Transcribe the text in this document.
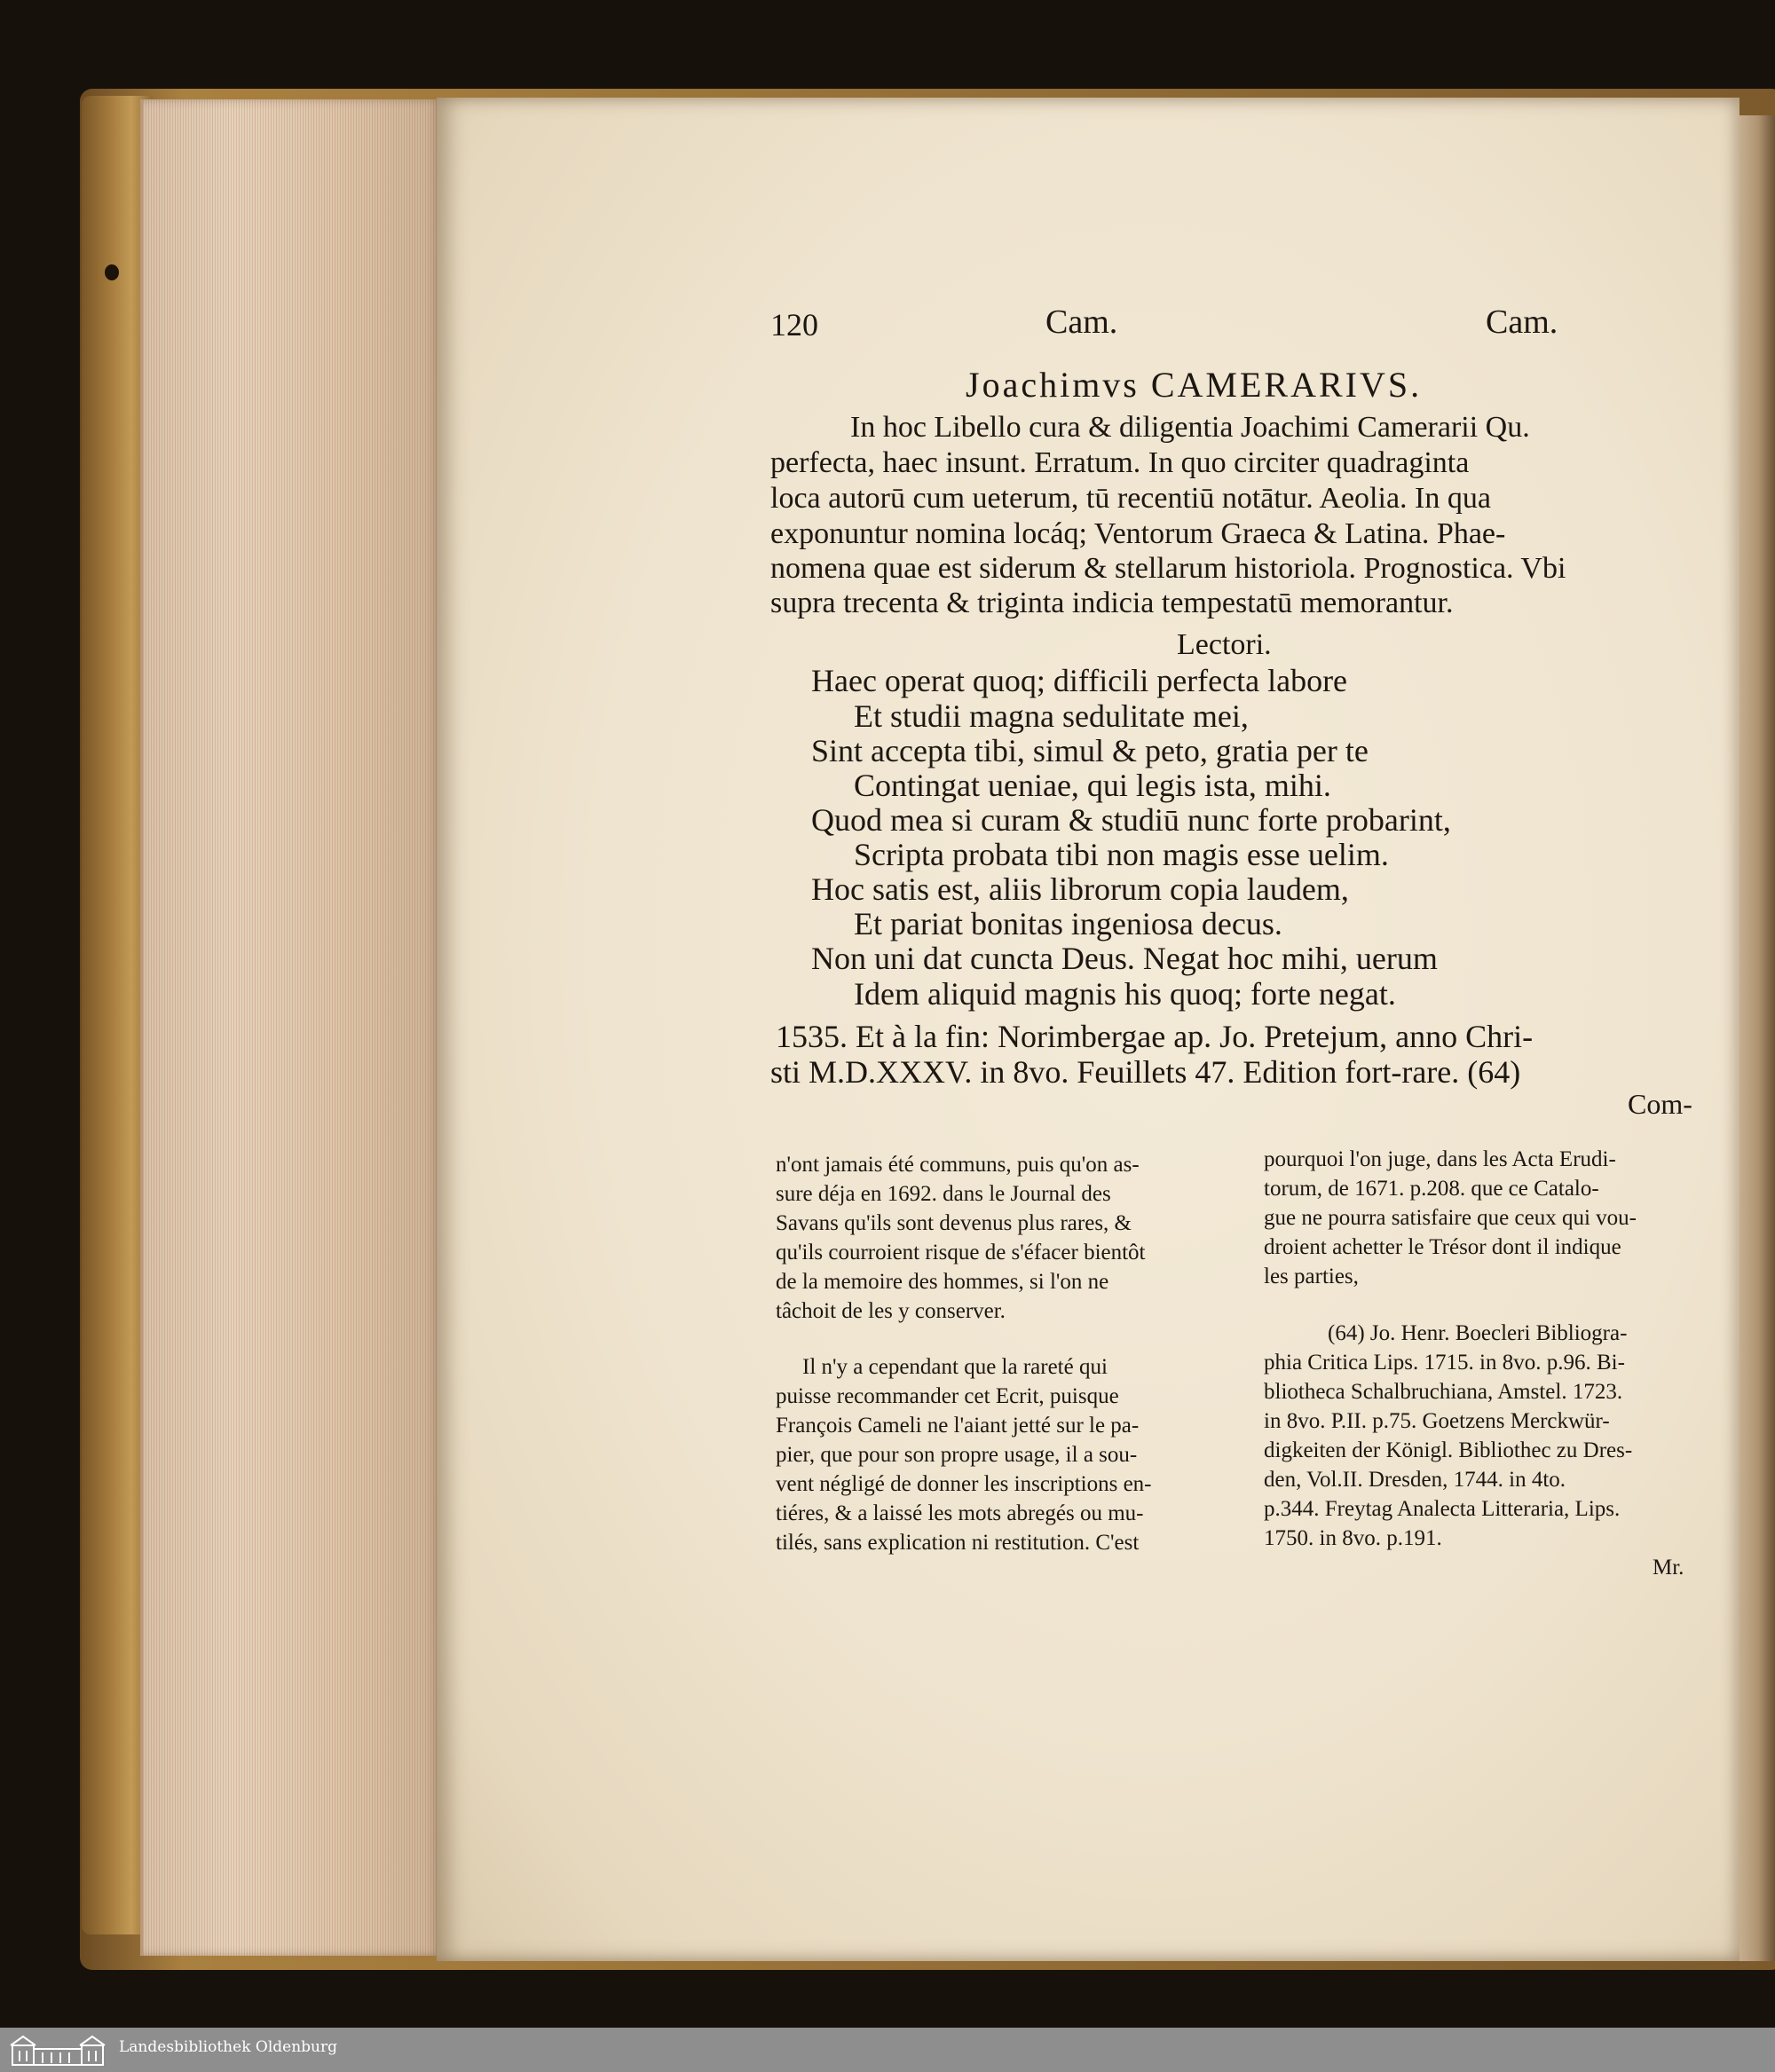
120	Cam.	Cam.
Joachimvs CAMERARIVS.
In hoc Libello cura & diligentia Joachimi Camerarii Qu.
perfecta, haec insunt. Erratum. In quo circiter quadraginta
loca autorū cum ueterum, tū recentiū notātur. Aeolia. In qua
exponuntur nomina locáq; Ventorum Graeca & Latina. Phae-
nomena quae est siderum & stellarum historiola. Prognostica. Vbi
supra trecenta & triginta indicia tempestatū memorantur.
Lectori.
Haec operat quoq; difficili perfecta labore
Et studii magna sedulitate mei,
Sint accepta tibi, simul & peto, gratia per te
Contingat ueniae, qui legis ista, mihi.
Quod mea si curam & studiū nunc forte probarint,
Scripta probata tibi non magis esse uelim.
Hoc satis est, aliis librorum copia laudem,
Et pariat bonitas ingeniosa decus.
Non uni dat cuncta Deus. Negat hoc mihi, uerum
Idem aliquid magnis his quoq; forte negat.
1535. Et à la fin: Norimbergae ap. Jo. Pretejum, anno Chri-
sti M.D.XXXV. in 8vo. Feuillets 47. Edition fort-rare. (64)
Com-
n'ont jamais été communs, puis qu'on as-
sure déja en 1692. dans le Journal des
Savans qu'ils sont devenus plus rares, &
qu'ils courroient risque de s'éfacer bientôt
de la memoire des hommes, si l'on ne
tâchoit de les y conserver.
Il n'y a cependant que la rareté qui
puisse recommander cet Ecrit, puisque
François Cameli ne l'aiant jetté sur le pa-
pier, que pour son propre usage, il a sou-
vent négligé de donner les inscriptions en-
tiéres, & a laissé les mots abregés ou mu-
tilés, sans explication ni restitution. C'est
pourquoi l'on juge, dans les Acta Erudi-
torum, de 1671. p.208. que ce Catalo-
gue ne pourra satisfaire que ceux qui vou-
droient achetter le Trésor dont il indique
les parties,
(64) Jo. Henr. Boecleri Bibliogra-
phia Critica Lips. 1715. in 8vo. p.96. Bi-
bliotheca Schalbruchiana, Amstel. 1723.
in 8vo. P.II. p.75. Goetzens Merckwür-
digkeiten der Königl. Bibliothec zu Dres-
den, Vol.II. Dresden, 1744. in 4to.
p.344. Freytag Analecta Litteraria, Lips.
1750. in 8vo. p.191.
Mr.
Landesbibliothek Oldenburg
